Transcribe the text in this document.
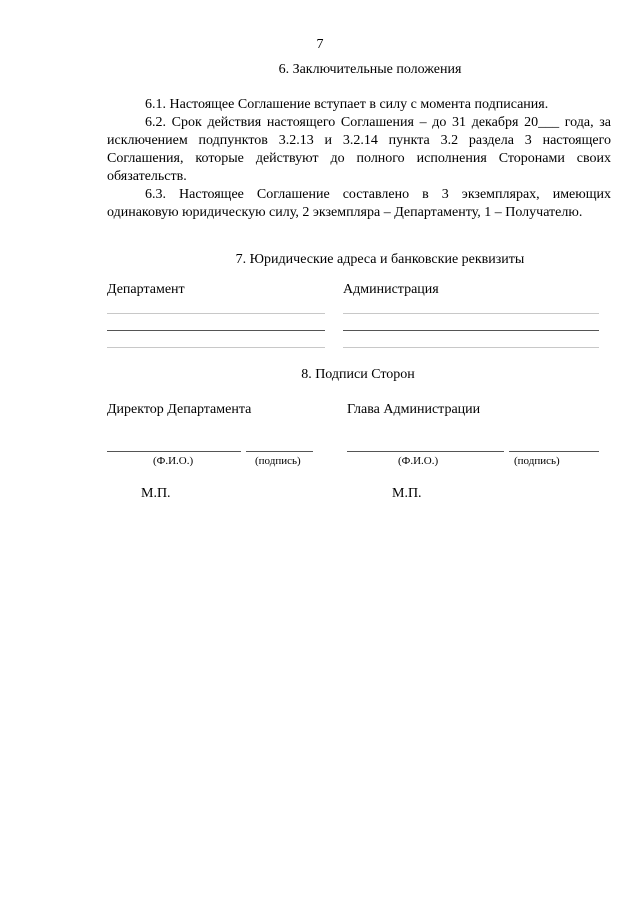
7
6. Заключительные положения

6.1. Настоящее Соглашение вступает в силу с момента подписания.

6.2. Срок действия настоящего Соглашения – до 31 декабря 20___ года, за исключением подпунктов 3.2.13 и 3.2.14 пункта 3.2 раздела 3 настоящего Соглашения, которые действуют до полного исполнения Сторонами своих обязательств.

6.3. Настоящее Соглашение составлено в 3 экземплярах, имеющих одинаковую юридическую силу, 2 экземпляра – Департаменту, 1 – Получателю.

7. Юридические адреса и банковские реквизиты
Департамент	Администрация
8. Подписи Сторон
Директор Департамента	Глава Администрации
(Ф.И.О.)	(подпись)	(Ф.И.О.)	(подпись)
М.П.	М.П.
